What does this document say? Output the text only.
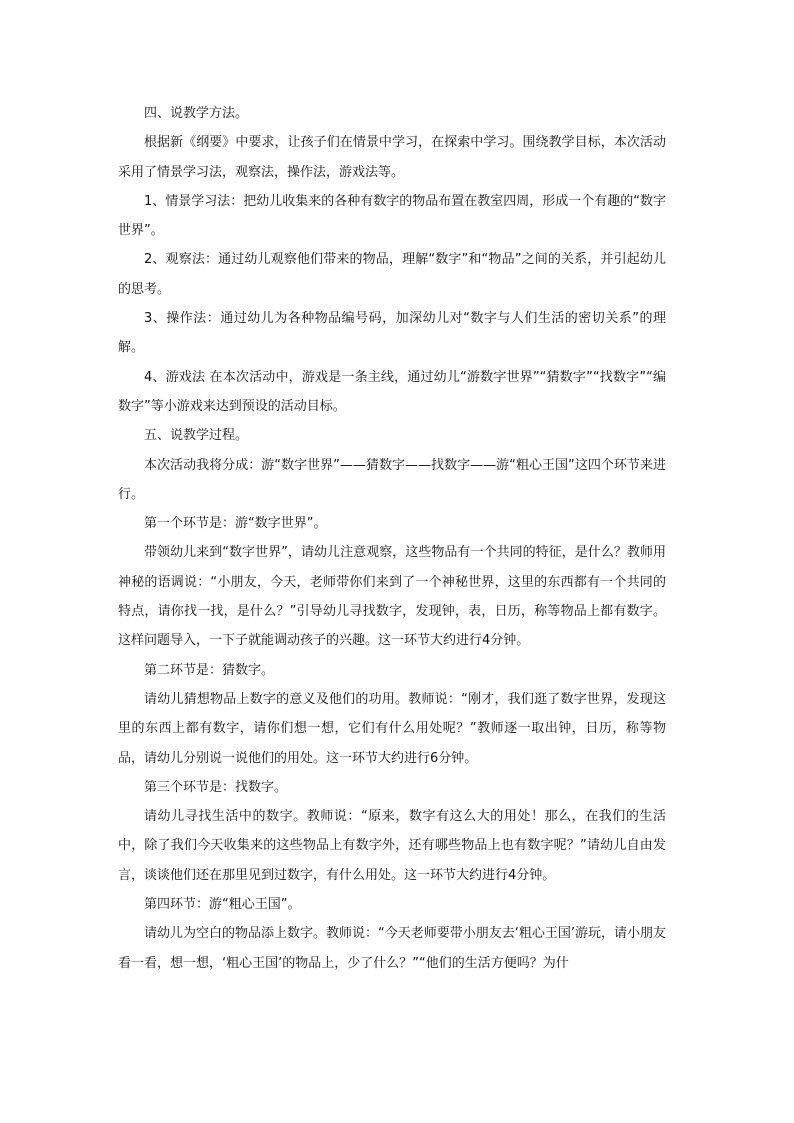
四、说教学方法。

根据新《纲要》中要求，让孩子们在情景中学习，在探索中学习。围绕教学目标，本次活动采用了情景学习法，观察法，操作法，游戏法等。

1、情景学习法：把幼儿收集来的各种有数字的物品布置在教室四周，形成一个有趣的“数字世界”。

2、观察法：通过幼儿观察他们带来的物品，理解“数字”和“物品”之间的关系，并引起幼儿的思考。

3、操作法：通过幼儿为各种物品编号码，加深幼儿对“数字与人们生活的密切关系”的理解。

4、游戏法 在本次活动中，游戏是一条主线，通过幼儿“游数字世界”“猜数字”“找数字”“编数字”等小游戏来达到预设的活动目标。

五、说教学过程。

本次活动我将分成：游“数字世界”——猜数字——找数字——游“粗心王国”这四个环节来进行。

第一个环节是：游“数字世界”。

带领幼儿来到“数字世界”，请幼儿注意观察，这些物品有一个共同的特征，是什么？教师用神秘的语调说：“小朋友，今天，老师带你们来到了一个神秘世界，这里的东西都有一个共同的特点，请你找一找，是什么？”引导幼儿寻找数字，发现钟，表，日历，称等物品上都有数字。这样问题导入，一下子就能调动孩子的兴趣。这一环节大约进行4分钟。

第二环节是：猜数字。

请幼儿猜想物品上数字的意义及他们的功用。教师说：“刚才，我们逛了数字世界，发现这里的东西上都有数字，请你们想一想，它们有什么用处呢？”教师逐一取出钟，日历，称等物品，请幼儿分别说一说他们的用处。这一环节大约进行6分钟。

第三个环节是：找数字。

请幼儿寻找生活中的数字。教师说：“原来，数字有这么大的用处！那么，在我们的生活中，除了我们今天收集来的这些物品上有数字外，还有哪些物品上也有数字呢？”请幼儿自由发言，谈谈他们还在那里见到过数字，有什么用处。这一环节大约进行4分钟。

第四环节：游“粗心王国”。

请幼儿为空白的物品添上数字。教师说：“今天老师要带小朋友去‘粗心王国’游玩，请小朋友看一看，想一想，‘粗心王国’的物品上，少了什么？”“他们的生活方便吗？为什
